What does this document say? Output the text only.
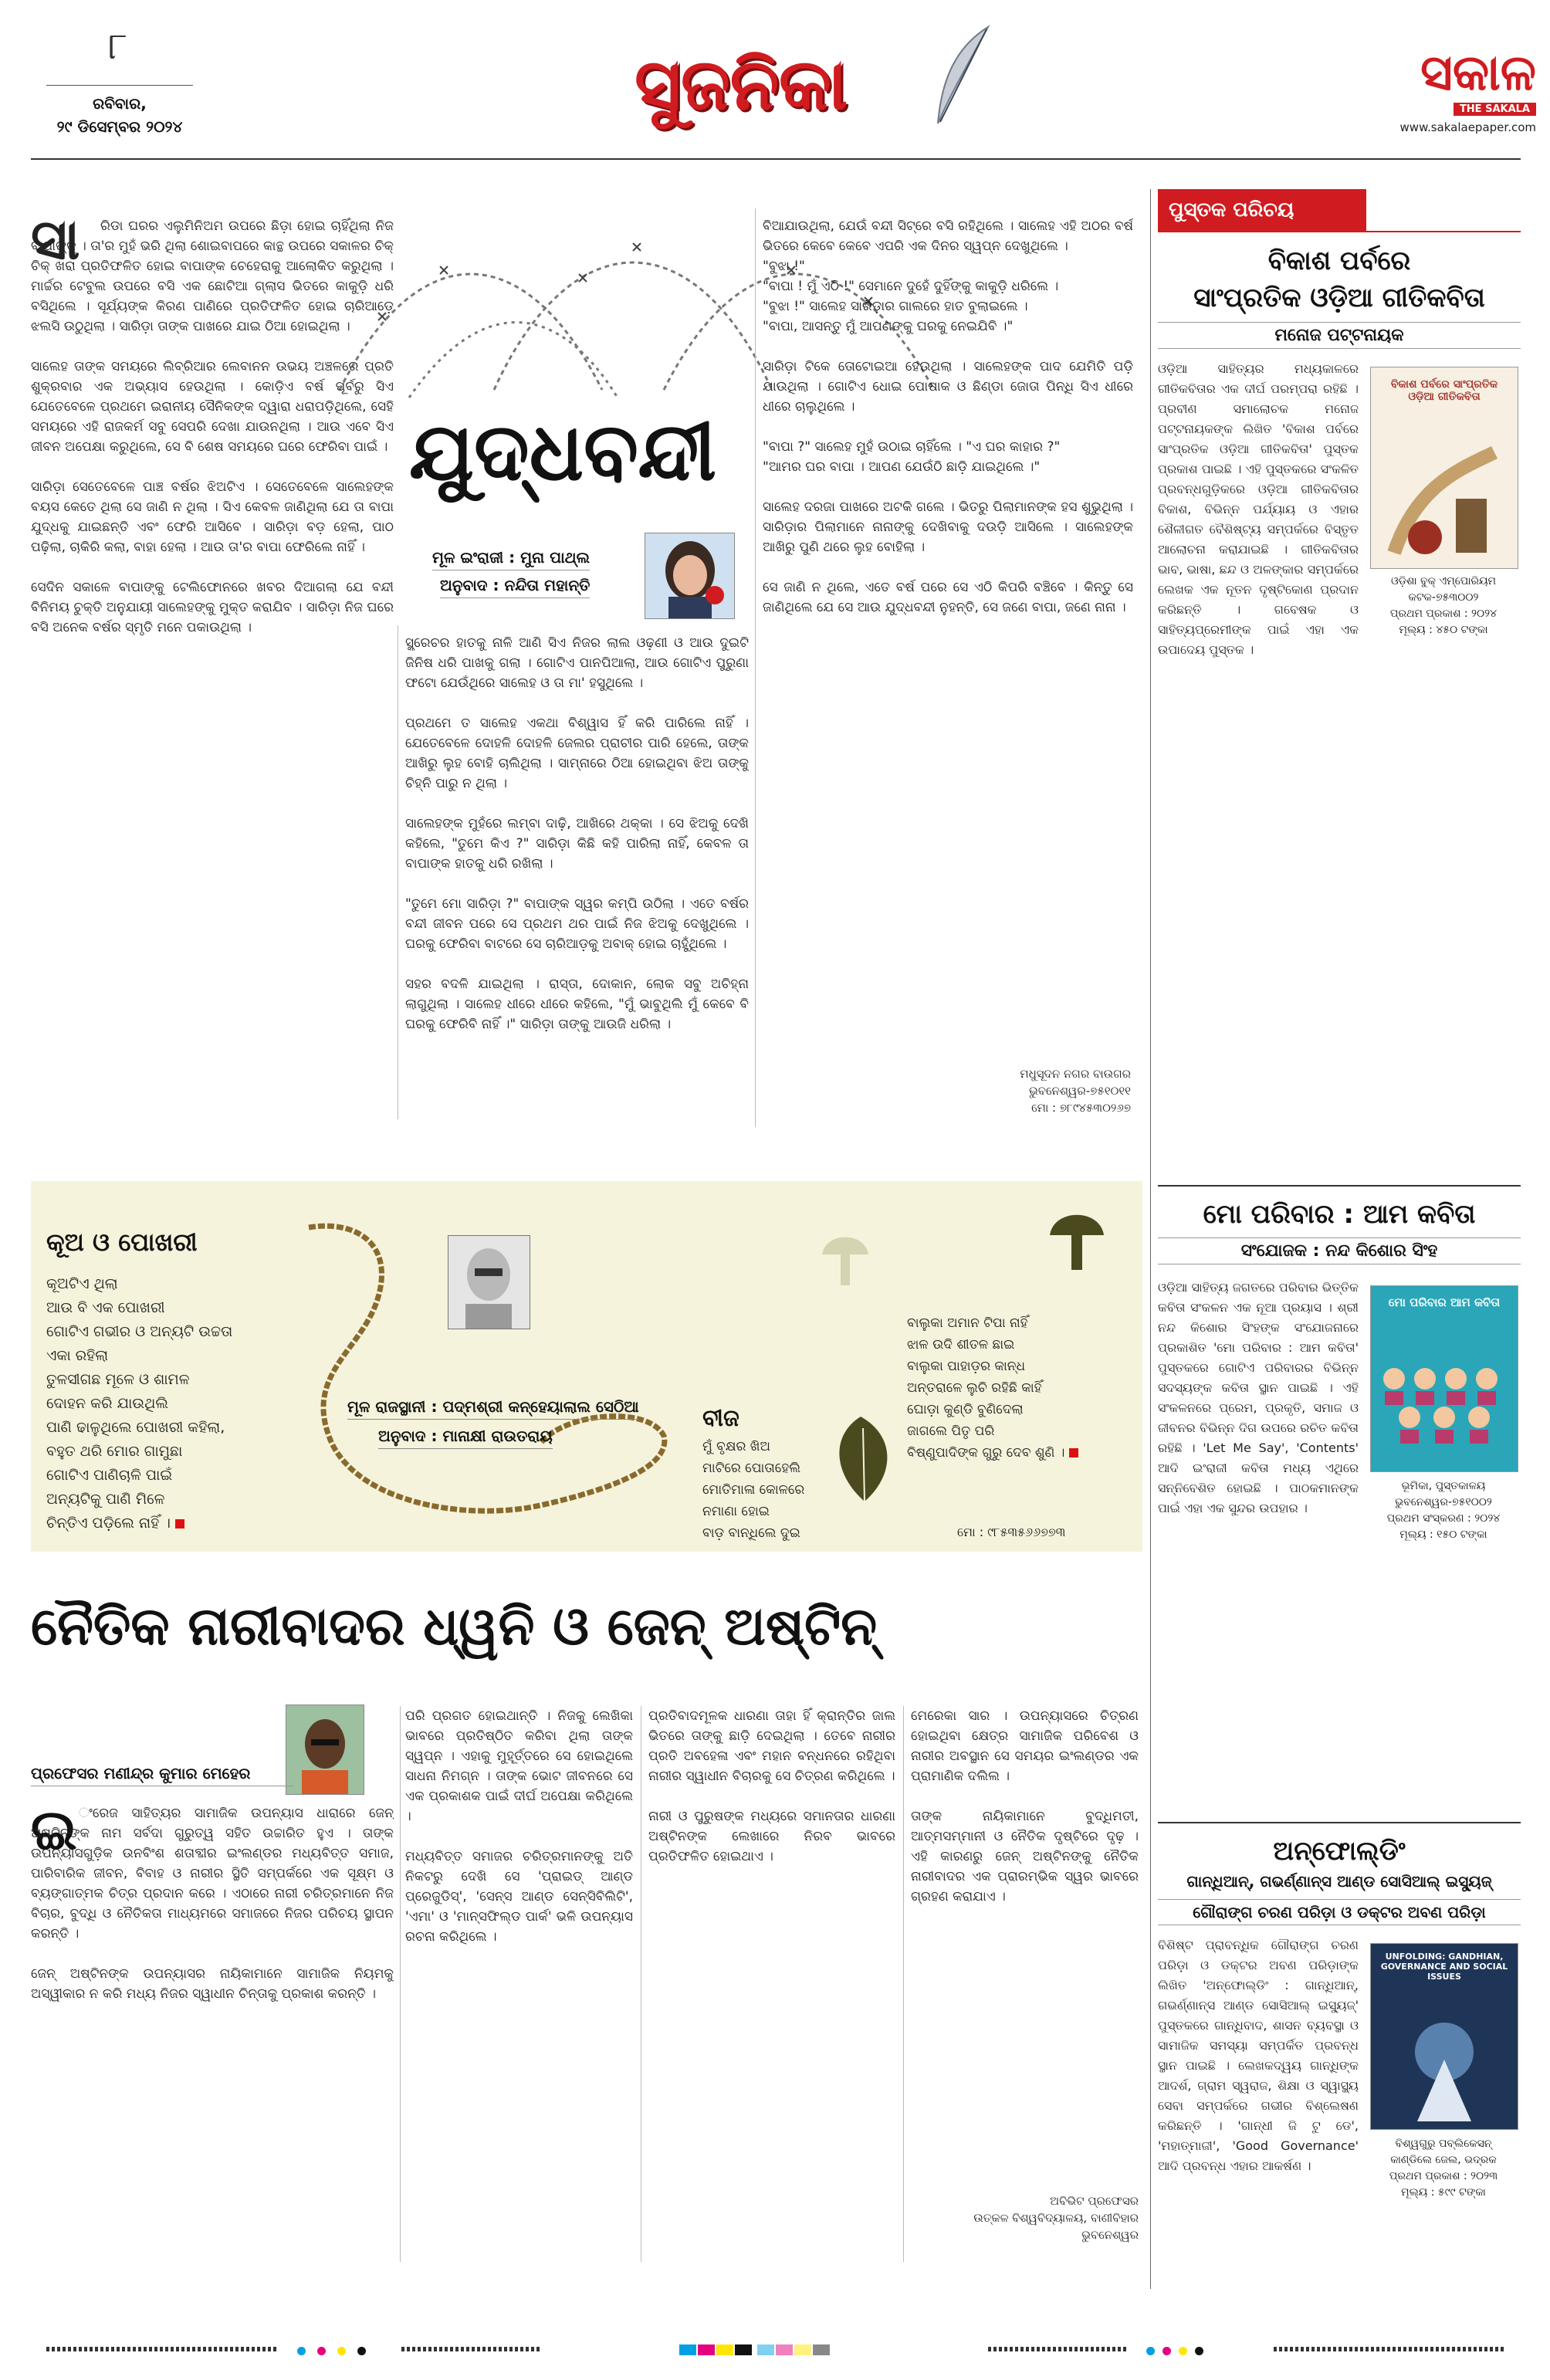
୮
ରବିବାର,
୨୯ ଡିସେମ୍ବର ୨୦୨୪
ସୁଜନିକା	ସକାଳ
THE SAKALA
www.sakalaepaper.com
ଯୁଦ୍ଧବନ୍ଦୀ
ମୂଳ ଇଂରାଜୀ : ମୁନା ପାଥ୍ଲ
ଅନୁବାଦ : ନନ୍ଦିତା ମହାନ୍ତି
ସା	ରିଡା ଘରର ଏଲୁମିନିଅମ ଉପରେ ଛିଡ଼ା ହୋଇ ଚାହିଁଥିଲା ନିଜ ବାପାଙ୍କୁ । ତା'ର ମୁହଁ ଭରି ଥିଲା ଶୋଇବାପରେ କାନ୍ଥ ଉପରେ ସକାଳର ଚିକ୍ ଚିକ୍ ଖରା ପ୍ରତିଫଳିତ ହୋଇ ବାପାଙ୍କ ଚେହେରାକୁ ଆଲୋକିତ କରୁଥିଲା । ମାର୍ଚ୍ଚର ଟେବୁଲ ଉପରେ ବସି ଏକ ଛୋଟିଆ ଗ୍ଲାସ ଭିତରେ କାକୁଡ଼ି ଧରି ବସିଥିଲେ । ସୂର୍ଯ୍ୟଙ୍କ କିରଣ ପାଣିରେ ପ୍ରତିଫଳିତ ହୋଇ ଚାରିଆଡ଼େ ଝଲସି ଉଠୁଥିଲା । ସାରିଡ଼ା ତାଙ୍କ ପାଖରେ ଯାଇ ଠିଆ ହୋଇଥିଲା ।

ସାଲେହ ତାଙ୍କ ସମୟରେ ଲିବ୍ରିଆର ଲେବାନନ ଉଭୟ ଅଞ୍ଚଳରେ ପ୍ରତି ଶୁକ୍ରବାର ଏକ ଅଭ୍ୟାସ ହେଉଥିଲା । କୋଡ଼ିଏ ବର୍ଷ ପୂର୍ବରୁ ସିଏ ଯେତେବେଳେ ପ୍ରଥମେ ଇରାନୀୟ ସୈନିକଙ୍କ ଦ୍ୱାରା ଧରାପଡ଼ିଥିଲେ, ସେହି ସମୟରେ ଏହି ରାଜକର୍ମ ସବୁ ସେପରି ଦେଖା ଯାଉନଥିଲା । ଆଉ ଏବେ ସିଏ ଜୀବନ ଅପେକ୍ଷା କରୁଥିଲେ, ସେ ବି ଶେଷ ସମୟରେ ଘରେ ଫେରିବା ପାଇଁ ।

ସାରିଡ଼ା ସେତେବେଳେ ପାଞ୍ଚ ବର୍ଷର ଝିଅଟିଏ । ସେତେବେଳେ ସାଲେହଙ୍କ ବୟସ କେତେ ଥିଲା ସେ ଜାଣି ନ ଥିଲା । ସିଏ କେବଳ ଜାଣିଥିଲା ଯେ ତା ବାପା ଯୁଦ୍ଧକୁ ଯାଇଛନ୍ତି ଏବଂ ଫେରି ଆସିବେ । ସାରିଡ଼ା ବଡ଼ ହେଲା, ପାଠ ପଢ଼ିଲା, ଚାକିରି କଲା, ବାହା ହେଲା । ଆଉ ତା'ର ବାପା ଫେରିଲେ ନାହିଁ ।

ସେଦିନ ସକାଳେ ବାପାଙ୍କୁ ଟେଲିଫୋନରେ ଖବର ଦିଆଗଲା ଯେ ବନ୍ଦୀ ବିନିମୟ ଚୁକ୍ତି ଅନୁଯାୟୀ ସାଲେହଙ୍କୁ ମୁକ୍ତ କରାଯିବ । ସାରିଡ଼ା ନିଜ ଘରେ ବସି ଅନେକ ବର୍ଷର ସ୍ମୃତି ମନେ ପକାଉଥିଲା ।
ସ୍କ୍ରେଚର ହାତକୁ ନାଳି ଆଣି ସିଏ ନିଜର ଲାଲ ଓଢ଼ଣୀ ଓ ଆଉ ଦୁଇଟି ଜିନିଷ ଧରି ପାଖକୁ ଗଲା । ଗୋଟିଏ ପାନପିଆଲା, ଆଉ ଗୋଟିଏ ପୁରୁଣା ଫଟୋ ଯେଉଁଥିରେ ସାଲେହ ଓ ତା ମା' ହସୁଥିଲେ ।

ପ୍ରଥମେ ତ ସାଲେହ ଏକଥା ବିଶ୍ୱାସ ହିଁ କରି ପାରିଲେ ନାହିଁ । ଯେତେବେଳେ ଦୋହଳି ଦୋହଳି ଜେଲର ପ୍ରାଚୀର ପାରି ହେଲେ, ତାଙ୍କ ଆଖିରୁ ଲୁହ ବୋହି ଚାଲିଥିଲା । ସାମ୍ନାରେ ଠିଆ ହୋଇଥିବା ଝିଅ ତାଙ୍କୁ ଚିହ୍ନି ପାରୁ ନ ଥିଲା ।

ସାଲେହଙ୍କ ମୁହଁରେ ଲମ୍ବା ଦାଢ଼ି, ଆଖିରେ ଥକ୍କା । ସେ ଝିଅକୁ ଦେଖି କହିଲେ, "ତୁମେ କିଏ ?" ସାରିଡ଼ା କିଛି କହି ପାରିଲା ନାହିଁ, କେବଳ ତା ବାପାଙ୍କ ହାତକୁ ଧରି ରଖିଲା ।

"ତୁମେ ମୋ ସାରିଡ଼ା ?" ବାପାଙ୍କ ସ୍ୱର କମ୍ପି ଉଠିଲା । ଏତେ ବର୍ଷର ବନ୍ଦୀ ଜୀବନ ପରେ ସେ ପ୍ରଥମ ଥର ପାଇଁ ନିଜ ଝିଅକୁ ଦେଖୁଥିଲେ । ଘରକୁ ଫେରିବା ବାଟରେ ସେ ଚାରିଆଡ଼କୁ ଅବାକ୍ ହୋଇ ଚାହୁଁଥିଲେ ।

ସହର ବଦଳି ଯାଇଥିଲା । ରାସ୍ତା, ଦୋକାନ, ଲୋକ ସବୁ ଅଚିହ୍ନା ଲାଗୁଥିଲା । ସାଲେହ ଧୀରେ ଧୀରେ କହିଲେ, "ମୁଁ ଭାବୁଥିଲି ମୁଁ କେବେ ବି ଘରକୁ ଫେରିବି ନାହିଁ ।" ସାରିଡ଼ା ତାଙ୍କୁ ଆଉଜି ଧରିଲା ।
ବିଆଯାଉଥିଲା, ଯେଉଁ ବନ୍ଦୀ ସିଟ୍‌ରେ ବସି ରହିଥିଲେ । ସାଲେହ ଏହି ଅଠର ବର୍ଷ ଭିତରେ କେବେ କେବେ ଏପରି ଏକ ଦିନର ସ୍ୱପ୍ନ ଦେଖୁଥିଲେ ।
"ବୁଝା !"
"ବାପା ! ମୁଁ ଏଠି !" ସେମାନେ ଦୁହେଁ ଦୁହିଁଙ୍କୁ କାକୁଡ଼ି ଧରିଲେ ।
"ବୁଝା !" ସାଲେହ ସାରିଡ଼ାର ଗାଲରେ ହାତ ବୁଲାଇଲେ ।
"ବାପା, ଆସନ୍ତୁ ମୁଁ ଆପଣଙ୍କୁ ଘରକୁ ନେଇଯିବି ।"

ସାରିଡ଼ା ଟିକେ ତୋଟୋଇଆ ହେଉଥିଲା । ସାଲେହଙ୍କ ପାଦ ଯେମିତି ପଡ଼ି ଯାଉଥିଲା । ଗୋଟିଏ ଧୋଇ ପୋଷାକ ଓ ଛିଣ୍ଡା ଜୋତା ପିନ୍ଧି ସିଏ ଧୀରେ ଧୀରେ ଚାଲୁଥିଲେ ।

"ବାପା ?" ସାଲେହ ମୁହଁ ଉଠାଇ ଚାହିଁଲେ । "ଏ ଘର କାହାର ?"
"ଆମର ଘର ବାପା । ଆପଣ ଯେଉଁଠି ଛାଡ଼ି ଯାଇଥିଲେ ।"

ସାଲେହ ଦରଜା ପାଖରେ ଅଟକି ଗଲେ । ଭିତରୁ ପିଲାମାନଙ୍କ ହସ ଶୁଭୁଥିଲା । ସାରିଡ଼ାର ପିଲାମାନେ ନାନାଙ୍କୁ ଦେଖିବାକୁ ଦଉଡ଼ି ଆସିଲେ । ସାଲେହଙ୍କ ଆଖିରୁ ପୁଣି ଥରେ ଲୁହ ବୋହିଲା ।

ସେ ଜାଣି ନ ଥିଲେ, ଏତେ ବର୍ଷ ପରେ ସେ ଏଠି କିପରି ବଞ୍ଚିବେ । କିନ୍ତୁ ସେ ଜାଣିଥିଲେ ଯେ ସେ ଆଉ ଯୁଦ୍ଧବନ୍ଦୀ ନୁହନ୍ତି, ସେ ଜଣେ ବାପା, ଜଣେ ନାନା ।
ମଧୁସୂଦନ ନଗର ବାଉଗର
ଭୁବନେଶ୍ୱର-୭୫୧୦୧୧
ମୋ : ୭୮୯୪୫୩୦୨୬୭
କୂଅ ଓ ପୋଖରୀ
କୂଅଟିଏ ଥିଲା
ଆଉ ବି ଏକ ପୋଖରୀ
ଗୋଟିଏ ଗଭୀର ଓ ଅନ୍ୟଟି ଉଚ୍ଚତା
ଏକା ରହିଲା
ତୁଳସୀଗଛ ମୂଳେ ଓ ଶାମଳ
ଦୋହନ କରି ଯାଉଥିଲି
ପାଣି ଢାଳୁଥିଲେ ପୋଖରୀ କହିଲା,
ବହୁତ ଥରି ମୋର ଗାମୁଛା
ଗୋଟିଏ ପାଣିଚାଳି ପାଇଁ
ଅନ୍ୟଟିକୁ ପାଣି ମିଳେ
ଚିନ୍ତିଏ ପଡ଼ିଲେ ନାହିଁ ।
ମୂଳ ରାଜସ୍ଥାନୀ : ପଦ୍ମଶ୍ରୀ କନ୍ହେୟାଲାଲ ସେଠିଆ
ଅନୁବାଦ : ମାନାକ୍ଷୀ ରାଉତରାୟ
ବୀଜ
ମୁଁ ବୃକ୍ଷର ଖିଅ
ମାଟିରେ ପୋତାହେଲି
ମୋତିମାଳା କୋଳରେ
ନମାଣା ହୋଇ
ବାଡ଼ ବାନ୍ଧିଲେ ଦୁଇ
ବାଲୁକା ଅମାନ ଟିପା ନାହିଁ
ଝାଳ ଉଦି ଶୀତଳ ଛାଇ
ବାଲୁକା ପାହାଡ଼ର କାନ୍ଧ
ଅନ୍ତରାଳେ ଲୁଚି ରହିଛି କାହିଁ
ଘୋଡ଼ା କୁଣ୍ଡି ବୁଣିଦେଲା
ଜାଗଲେ ପିତୃ ପରି
ବିଷ୍ଣୁପାଦିଙ୍କ ଗୁରୁ ଦେବ ଶୁଣି ।
ମୋ : ୯୮୫୩୫୬୬୭୭୩
ନୈତିକ ନାରୀବାଦର ଧ୍ୱନି ଓ ଜେନ୍ ଅଷ୍ଟିନ୍
ପ୍ରଫେସର ମଣୀନ୍ଦ୍ର କୁମାର ମେହେର
ଇ ଂରେଜ ସାହିତ୍ୟର ସାମାଜିକ ଉପନ୍ୟାସ ଧାରାରେ ଜେନ୍ ଅଷ୍ଟିନଙ୍କ ନାମ ସର୍ବଦା ଗୁରୁତ୍ୱ ସହିତ ଉଚ୍ଚାରିତ ହୁଏ । ତାଙ୍କ ଉପନ୍ୟାସଗୁଡ଼ିକ ଉନବିଂଶ ଶତାବ୍ଦୀର ଇଂଲଣ୍ଡର ମଧ୍ୟବିତ୍ତ ସମାଜ, ପାରିବାରିକ ଜୀବନ, ବିବାହ ଓ ନାରୀର ସ୍ଥିତି ସମ୍ପର୍କରେ ଏକ ସୂକ୍ଷ୍ମ ଓ ବ୍ୟଙ୍ଗାତ୍ମକ ଚିତ୍ର ପ୍ରଦାନ କରେ । ଏଠାରେ ନାରୀ ଚରିତ୍ରମାନେ ନିଜ ବିଚାର, ବୁଦ୍ଧି ଓ ନୈତିକତା ମାଧ୍ୟମରେ ସମାଜରେ ନିଜର ପରିଚୟ ସ୍ଥାପନ କରନ୍ତି ।

ଜେନ୍ ଅଷ୍ଟିନଙ୍କ ଉପନ୍ୟାସର ନାୟିକାମାନେ ସାମାଜିକ ନିୟମକୁ ଅସ୍ୱୀକାର ନ କରି ମଧ୍ୟ ନିଜର ସ୍ୱାଧୀନ ଚିନ୍ତାକୁ ପ୍ରକାଶ କରନ୍ତି ।
ପରି ପ୍ରଗତ ହୋଇଥାନ୍ତି । ନିଜକୁ ଲେଖିକା ଭାବରେ ପ୍ରତିଷ୍ଠିତ କରିବା ଥିଲା ତାଙ୍କ ସ୍ୱପ୍ନ । ଏହାକୁ ମୁହୂର୍ତ୍ତରେ ସେ ହୋଇଥିଲେ ସାଧନା ନିମଗ୍ନ । ତାଙ୍କ ଭୋଟ ଜୀବନରେ ସେ ଏକ ପ୍ରକାଶକ ପାଇଁ ଦୀର୍ଘ ଅପେକ୍ଷା କରିଥିଲେ ।

ମଧ୍ୟବିତ୍ତ ସମାଜର ଚରିତ୍ରମାନଙ୍କୁ ଅତି ନିକଟରୁ ଦେଖି ସେ 'ପ୍ରାଇଡ୍ ଆଣ୍ଡ ପ୍ରେଜୁଡିସ୍', 'ସେନ୍ସ ଆଣ୍ଡ ସେନ୍ସିବିଲିଟି', 'ଏମା' ଓ 'ମାନ୍ସଫିଲ୍ଡ ପାର୍କ' ଭଳି ଉପନ୍ୟାସ ରଚନା କରିଥିଲେ ।
ପ୍ରତିବାଦମୂଳକ ଧାରଣା ତାହା ହିଁ କ୍ରାନ୍ତିର ଜାଲ ଭିତରେ ତାଙ୍କୁ ଛାଡ଼ି ଦେଇଥିଲା । ତେବେ ନାରୀର ପ୍ରତି ଅବହେଳା ଏବଂ ମହାନ ବନ୍ଧନରେ ରହିଥିବା ନାରୀର ସ୍ୱାଧୀନ ବିଚାରକୁ ସେ ଚିତ୍ରଣ କରିଥିଲେ ।

ନାରୀ ଓ ପୁରୁଷଙ୍କ ମଧ୍ୟରେ ସମାନତାର ଧାରଣା ଅଷ୍ଟିନଙ୍କ ଲେଖାରେ ନିରବ ଭାବରେ ପ୍ରତିଫଳିତ ହୋଇଥାଏ ।
ମେରେକା ସାର । ଉପନ୍ୟାସରେ ଚିତ୍ରଣ ହୋଇଥିବା କ୍ଷେତ୍ର ସାମାଜିକ ପରିବେଶ ଓ ନାରୀର ଅବସ୍ଥାନ ସେ ସମୟର ଇଂଲଣ୍ଡର ଏକ ପ୍ରାମାଣିକ ଦଲିଲ ।

ତାଙ୍କ ନାୟିକାମାନେ ବୁଦ୍ଧିମତୀ, ଆତ୍ମସମ୍ମାନୀ ଓ ନୈତିକ ଦୃଷ୍ଟିରେ ଦୃଢ଼ । ଏହି କାରଣରୁ ଜେନ୍ ଅଷ୍ଟିନଙ୍କୁ ନୈତିକ ନାରୀବାଦର ଏକ ପ୍ରାରମ୍ଭିକ ସ୍ୱର ଭାବରେ ଗ୍ରହଣ କରାଯାଏ ।
ଅବିଭିଟ ପ୍ରଫେସର
ଉତ୍କଳ ବିଶ୍ୱବିଦ୍ୟାଳୟ, ବାଣୀବିହାର
ଭୁବନେଶ୍ୱର
ପୁସ୍ତକ ପରିଚୟ
ବିକାଶ ପର୍ବରେ
ସାଂପ୍ରତିକ ଓଡ଼ିଆ ଗୀତିକବିତା
ମନୋଜ ପଟ୍ଟନାୟକ
ଓଡ଼ିଆ ସାହିତ୍ୟର ମଧ୍ୟକାଳରେ ଗୀତିକବିତାର ଏକ ଦୀର୍ଘ ପରମ୍ପରା ରହିଛି । ପ୍ରବୀଣ ସମାଲୋଚକ ମନୋଜ ପଟ୍ଟନାୟକଙ୍କ ଲିଖିତ 'ବିକାଶ ପର୍ବରେ ସାଂପ୍ରତିକ ଓଡ଼ିଆ ଗୀତିକବିତା' ପୁସ୍ତକ ପ୍ରକାଶ ପାଇଛି । ଏହି ପୁସ୍ତକରେ ସଂକଳିତ ପ୍ରବନ୍ଧଗୁଡ଼ିକରେ ଓଡ଼ିଆ ଗୀତିକବିତାର ବିକାଶ, ବିଭିନ୍ନ ପର୍ଯ୍ୟାୟ ଓ ଏହାର ଶୈଳୀଗତ ବୈଶିଷ୍ଟ୍ୟ ସମ୍ପର୍କରେ ବିସ୍ତୃତ ଆଲୋଚନା କରାଯାଇଛି । ଗୀତିକବିତାର ଭାବ, ଭାଷା, ଛନ୍ଦ ଓ ଅଳଙ୍କାର ସମ୍ପର୍କରେ ଲେଖକ ଏକ ନୂତନ ଦୃଷ୍ଟିକୋଣ ପ୍ରଦାନ କରିଛନ୍ତି । ଗବେଷକ ଓ ସାହିତ୍ୟପ୍ରେମୀଙ୍କ ପାଇଁ ଏହା ଏକ ଉପାଦେୟ ପୁସ୍ତକ ।
ବିକାଶ ପର୍ବରେ ସାଂପ୍ରତିକ ଓଡ଼ିଆ ଗୀତିକବିତା
ଓଡ଼ିଶା ବୁକ୍ ଏମ୍ପୋରିୟମ
କଟକ-୭୫୩୦୦୨
ପ୍ରଥମ ପ୍ରକାଶ : ୨୦୨୪
ମୂଲ୍ୟ : ୪୫୦ ଟଙ୍କା
ମୋ ପରିବାର : ଆମ କବିତା
ସଂଯୋଜକ : ନନ୍ଦ କିଶୋର ସିଂହ
ଓଡ଼ିଆ ସାହିତ୍ୟ ଜଗତରେ ପରିବାର ଭିତ୍ତିକ କବିତା ସଂକଳନ ଏକ ନୂଆ ପ୍ରୟାସ । ଶ୍ରୀ ନନ୍ଦ କିଶୋର ସିଂହଙ୍କ ସଂଯୋଜନାରେ ପ୍ରକାଶିତ 'ମୋ ପରିବାର : ଆମ କବିତା' ପୁସ୍ତକରେ ଗୋଟିଏ ପରିବାରର ବିଭିନ୍ନ ସଦସ୍ୟଙ୍କ କବିତା ସ୍ଥାନ ପାଇଛି । ଏହି ସଂକଳନରେ ପ୍ରେମ, ପ୍ରକୃତି, ସମାଜ ଓ ଜୀବନର ବିଭିନ୍ନ ଦିଗ ଉପରେ ରଚିତ କବିତା ରହିଛି । 'Let Me Say', 'Contents' ଆଦି ଇଂରାଜୀ କବିତା ମଧ୍ୟ ଏଥିରେ ସନ୍ନିବେଶିତ ହୋଇଛି । ପାଠକମାନଙ୍କ ପାଇଁ ଏହା ଏକ ସୁନ୍ଦର ଉପହାର ।
ମୋ ପରିବାର ଆମ କବିତା
ଭୂମିକା, ପୁସ୍ତକାଳୟ
ଭୁବନେଶ୍ୱର-୭୫୧୦୦୨
ପ୍ରଥମ ସଂସ୍କରଣ : ୨୦୨୪
ମୂଲ୍ୟ : ୧୫୦ ଟଙ୍କା
ଅନ୍‌ଫୋଲ୍ଡିଂ
ଗାନ୍ଧିଆନ୍, ଗଭର୍ଣ୍ଣାନ୍ସ ଆଣ୍ଡ ସୋସିଆଲ୍ ଇସ୍ୟୁଜ୍
ଗୌରାଙ୍ଗ ଚରଣ ପରିଡ଼ା ଓ ଡକ୍ଟର ଅବଣ ପରିଡ଼ା
ବିଶିଷ୍ଟ ପ୍ରାବନ୍ଧିକ ଗୌରାଙ୍ଗ ଚରଣ ପରିଡ଼ା ଓ ଡକ୍ଟର ଅବଣ ପରିଡ଼ାଙ୍କ ଲିଖିତ 'ଅନ୍‌ଫୋଲ୍ଡିଂ : ଗାନ୍ଧିଆନ୍, ଗଭର୍ଣ୍ଣାନ୍ସ ଆଣ୍ଡ ସୋସିଆଲ୍ ଇସ୍ୟୁଜ୍' ପୁସ୍ତକରେ ଗାନ୍ଧିବାଦ, ଶାସନ ବ୍ୟବସ୍ଥା ଓ ସାମାଜିକ ସମସ୍ୟା ସମ୍ପର୍କିତ ପ୍ରବନ୍ଧ ସ୍ଥାନ ପାଇଛି । ଲେଖକଦ୍ୱୟ ଗାନ୍ଧିଙ୍କ ଆଦର୍ଶ, ଗ୍ରାମ ସ୍ୱରାଜ, ଶିକ୍ଷା ଓ ସ୍ୱାସ୍ଥ୍ୟ ସେବା ସମ୍ପର୍କରେ ଗଭୀର ବିଶ୍ଲେଷଣ କରିଛନ୍ତି । 'ଗାନ୍ଧୀ ଜି ଟୁ ଡେ', 'ମହାତ୍ମାଜୀ', 'Good Governance' ଆଦି ପ୍ରବନ୍ଧ ଏହାର ଆକର୍ଷଣ ।
UNFOLDING: GANDHIAN, GOVERNANCE AND SOCIAL ISSUES
ବିଶ୍ୱଗୁରୁ ପବ୍ଲିକେସନ୍
କାଣ୍ଡିଲେ ଜେଲ, ଭଦ୍ରକ
ପ୍ରଥମ ପ୍ରକାଶ : ୨୦୨୩
ମୂଲ୍ୟ : ୫୯୯ ଟଙ୍କା
